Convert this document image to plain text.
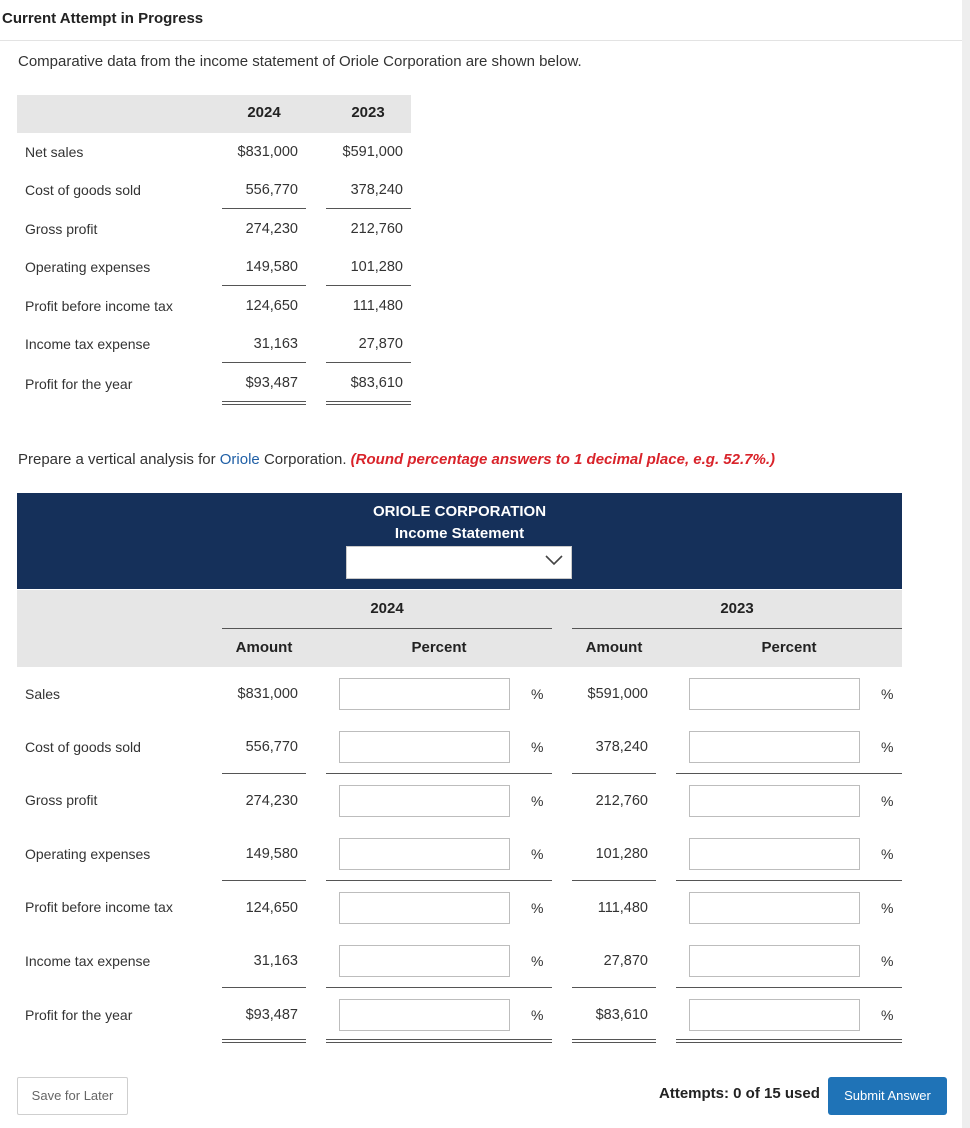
Current Attempt in Progress
Comparative data from the income statement of Oriole Corporation are shown below.
2024	2023
Net sales	$831,000	$591,000
Cost of goods sold	556,770	378,240
Gross profit	274,230	212,760
Operating expenses	149,580	101,280
Profit before income tax	124,650	111,480
Income tax expense	31,163	27,870
Profit for the year	$93,487	$83,610
Prepare a vertical analysis for Oriole Corporation. (Round percentage answers to 1 decimal place, e.g. 52.7%.)
ORIOLE CORPORATION
Income Statement
2024	2023
Amount	Percent	Amount	Percent
Sales	$831,000	%	$591,000	%
Cost of goods sold	556,770	%	378,240	%
Gross profit	274,230	%	212,760	%
Operating expenses	149,580	%	101,280	%
Profit before income tax	124,650	%	111,480	%
Income tax expense	31,163	%	27,870	%
Profit for the year	$93,487	%	$83,610	%
Save for Later	Attempts: 0 of 15 used	Submit Answer
